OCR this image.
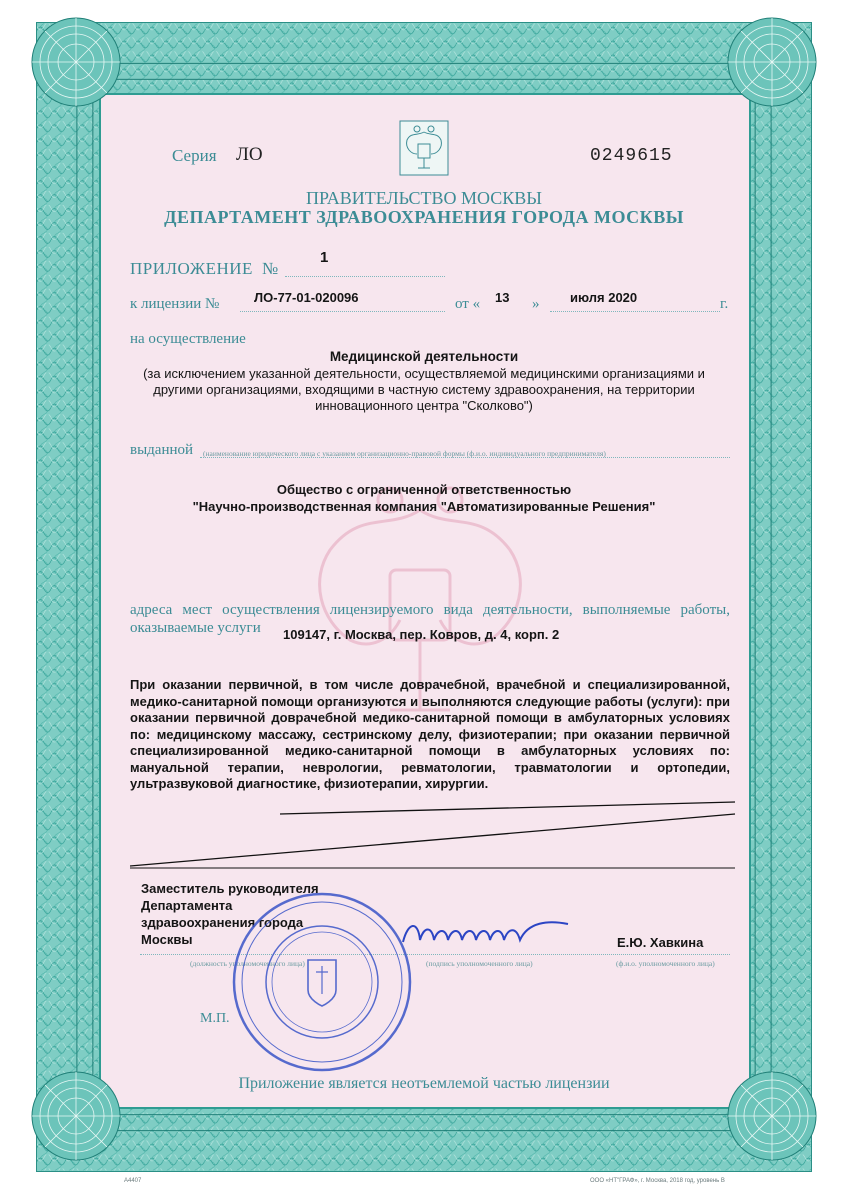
Серия ЛО	0249615
ПРАВИТЕЛЬСТВО МОСКВЫ
ДЕПАРТАМЕНТ ЗДРАВООХРАНЕНИЯ ГОРОДА МОСКВЫ
ПРИЛОЖЕНИЕ №
1
к лицензии №	ЛО-77-01-020096	от « 13 » июля 2020	г.
на осуществление
Медицинской деятельности
(за исключением указанной деятельности, осуществляемой медицинскими организациями и другими организациями, входящими в частную систему здравоохранения, на территории инновационного центра "Сколково")
выданной (наименование юридического лица с указанием организационно-правовой формы (ф.и.о. индивидуального предпринимателя)
Общество с ограниченной ответственностью
"Научно-производственная компания "Автоматизированные Решения"
адреса мест осуществления лицензируемого вида деятельности, выполняемые работы, оказываемые услуги	109147, г. Москва, пер. Ковров, д. 4, корп. 2
При оказании первичной, в том числе доврачебной, врачебной и специализированной, медико-санитарной помощи организуются и выполняются следующие работы (услуги): при оказании первичной доврачебной медико-санитарной помощи в амбулаторных условиях по: медицинскому массажу, сестринскому делу, физиотерапии; при оказании первичной специализированной медико-санитарной помощи в амбулаторных условиях по: мануальной терапии, неврологии, ревматологии, травматологии и ортопедии, ультразвуковой диагностике, физиотерапии, хирургии.
Заместитель руководителя
Департамента
здравоохранения города
Москвы	Е.Ю. Хавкина
(должность уполномоченного лица)	(подпись уполномоченного лица)	(ф.и.о. уполномоченного лица)
М.П.
Приложение является неотъемлемой частью лицензии
А4407	ООО «НТ"ГРАФ», г. Москва, 2018 год, уровень В
